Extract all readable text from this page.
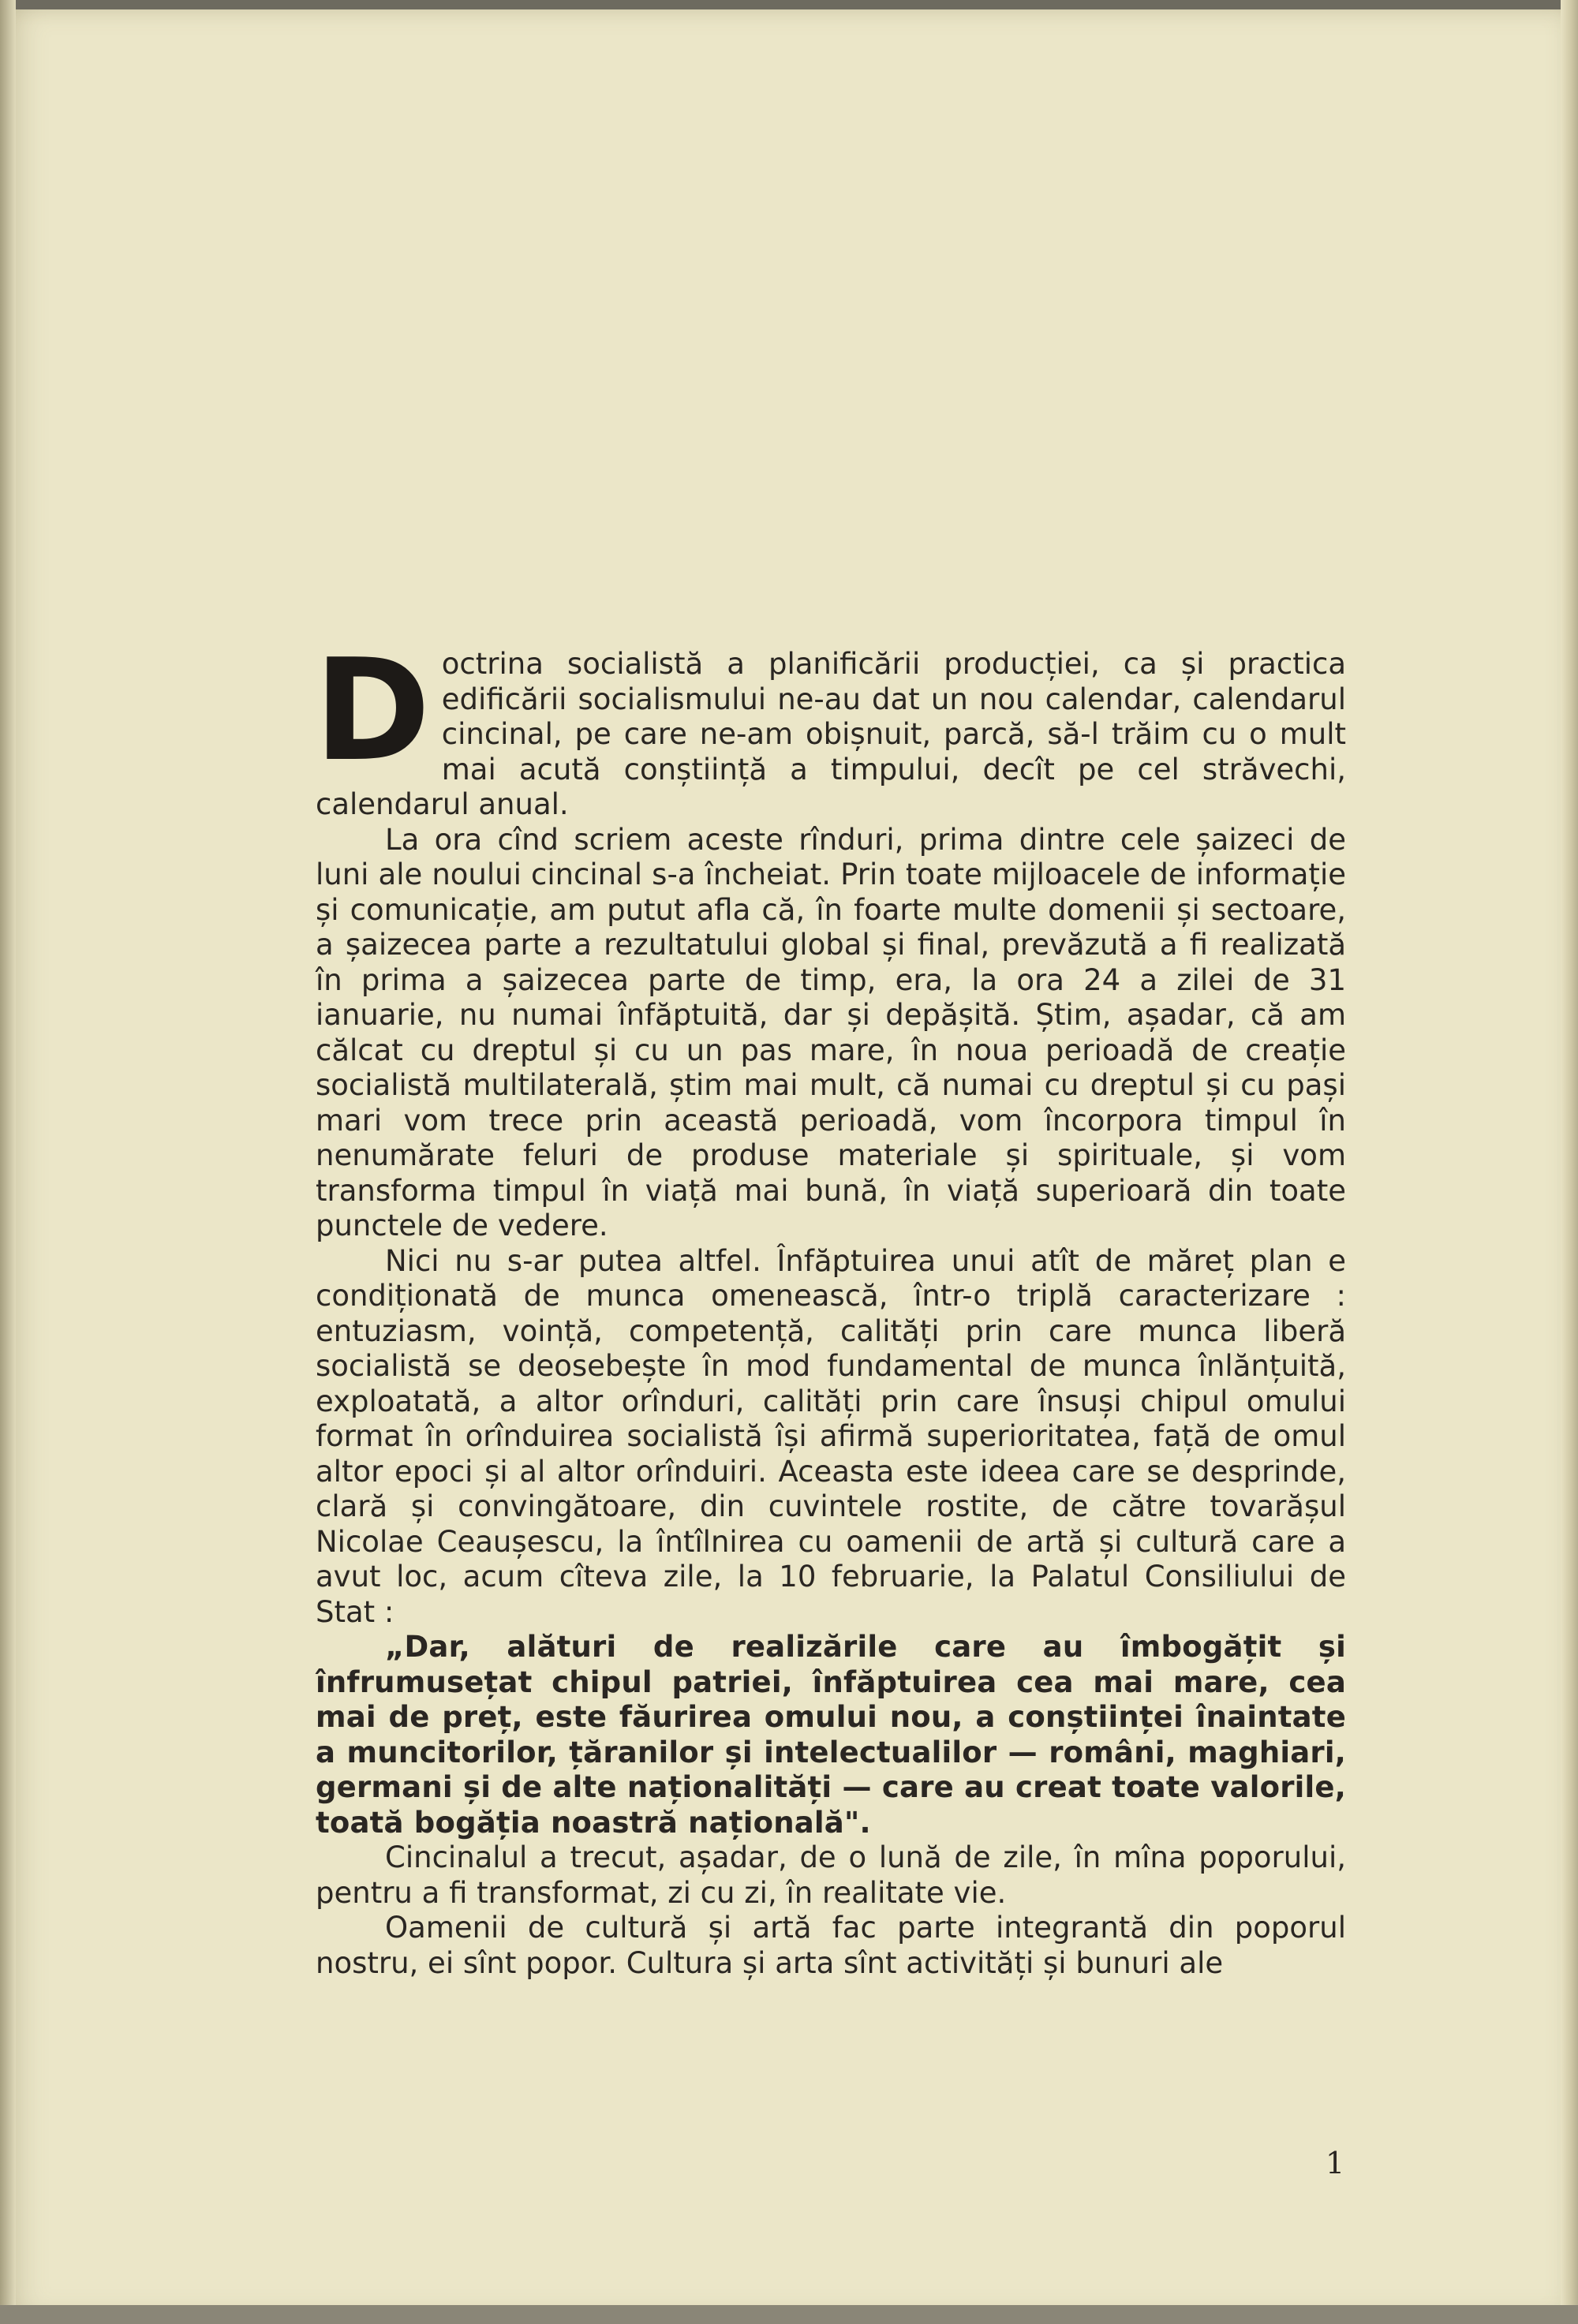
Doctrina socialistă a planificării producției, ca și practica edificării socialismului ne-au dat un nou calendar, calendarul cincinal, pe care ne-am obișnuit, parcă, să-l trăim cu o mult mai acută conștiință a timpului, decît pe cel străvechi, calendarul anual.

La ora cînd scriem aceste rînduri, prima dintre cele șaizeci de luni ale noului cincinal s-a încheiat. Prin toate mijloacele de informație și comunicație, am putut afla că, în foarte multe domenii și sectoare, a șaizecea parte a rezultatului global și final, prevăzută a fi realizată în prima a șaizecea parte de timp, era, la ora 24 a zilei de 31 ianuarie, nu numai înfăptuită, dar și depășită. Știm, așadar, că am călcat cu dreptul și cu un pas mare, în noua perioadă de creație socialistă multilaterală, știm mai mult, că numai cu dreptul și cu pași mari vom trece prin această perioadă, vom încorpora timpul în nenumărate feluri de produse materiale și spirituale, și vom transforma timpul în viață mai bună, în viață superioară din toate punctele de vedere.

Nici nu s-ar putea altfel. Înfăptuirea unui atît de măreț plan e condiționată de munca omenească, într-o triplă caracterizare : entuziasm, voință, competență, calități prin care munca liberă socialistă se deosebește în mod fundamental de munca înlănțuită, exploatată, a altor orînduri, calități prin care însuși chipul omului format în orînduirea socialistă își afirmă superioritatea, față de omul altor epoci și al altor orînduiri. Aceasta este ideea care se desprinde, clară și convingătoare, din cuvintele rostite, de către tovarășul Nicolae Ceaușescu, la întîlnirea cu oamenii de artă și cultură care a avut loc, acum cîteva zile, la 10 februarie, la Palatul Consiliului de Stat :

„Dar, alături de realizările care au îmbogățit și înfrumusețat chipul patriei, înfăptuirea cea mai mare, cea mai de preț, este făurirea omului nou, a conștiinței înaintate a muncitorilor, țăranilor și intelectualilor — români, maghiari, germani și de alte naționalități — care au creat toate valorile, toată bogăția noastră națională".

Cincinalul a trecut, așadar, de o lună de zile, în mîna poporului, pentru a fi transformat, zi cu zi, în realitate vie.

Oamenii de cultură și artă fac parte integrantă din poporul nostru, ei sînt popor. Cultura și arta sînt activități și bunuri ale

1
